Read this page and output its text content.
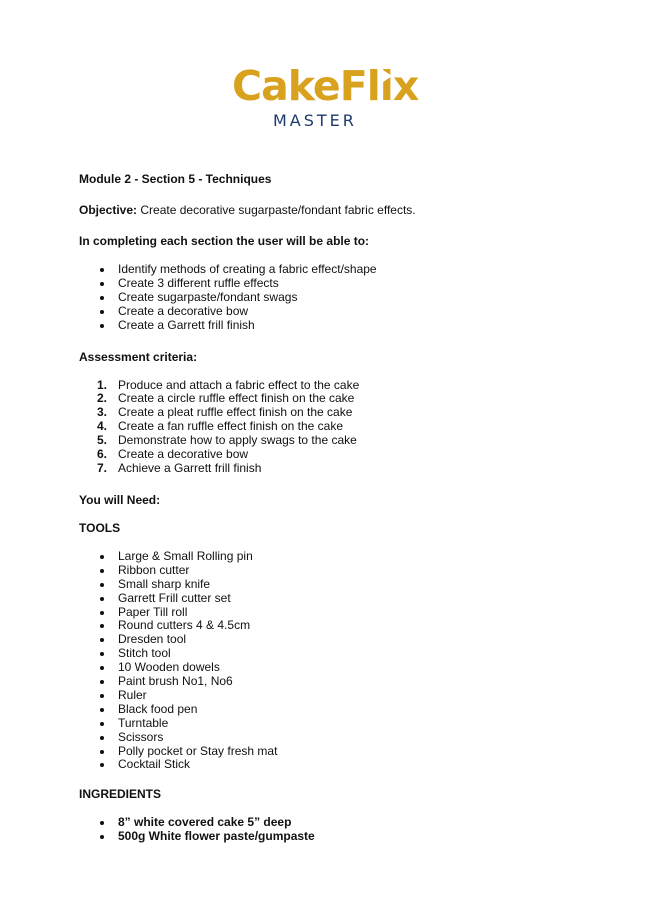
CakeFlix
MASTER

Module 2 - Section 5 - Techniques

Objective: Create decorative sugarpaste/fondant fabric effects.

In completing each section the user will be able to:

Identify methods of creating a fabric effect/shape
Create 3 different ruffle effects
Create sugarpaste/fondant swags
Create a decorative bow
Create a Garrett frill finish

Assessment criteria:

1. Produce and attach a fabric effect to the cake
2. Create a circle ruffle effect finish on the cake
3. Create a pleat ruffle effect finish on the cake
4. Create a fan ruffle effect finish on the cake
5. Demonstrate how to apply swags to the cake
6. Create a decorative bow
7. Achieve a Garrett frill finish

You will Need:

TOOLS

Large & Small Rolling pin
Ribbon cutter
Small sharp knife
Garrett Frill cutter set
Paper Till roll
Round cutters 4 & 4.5cm
Dresden tool
Stitch tool
10 Wooden dowels
Paint brush No1, No6
Ruler
Black food pen
Turntable
Scissors
Polly pocket or Stay fresh mat
Cocktail Stick

INGREDIENTS

8” white covered cake 5” deep
500g White flower paste/gumpaste
